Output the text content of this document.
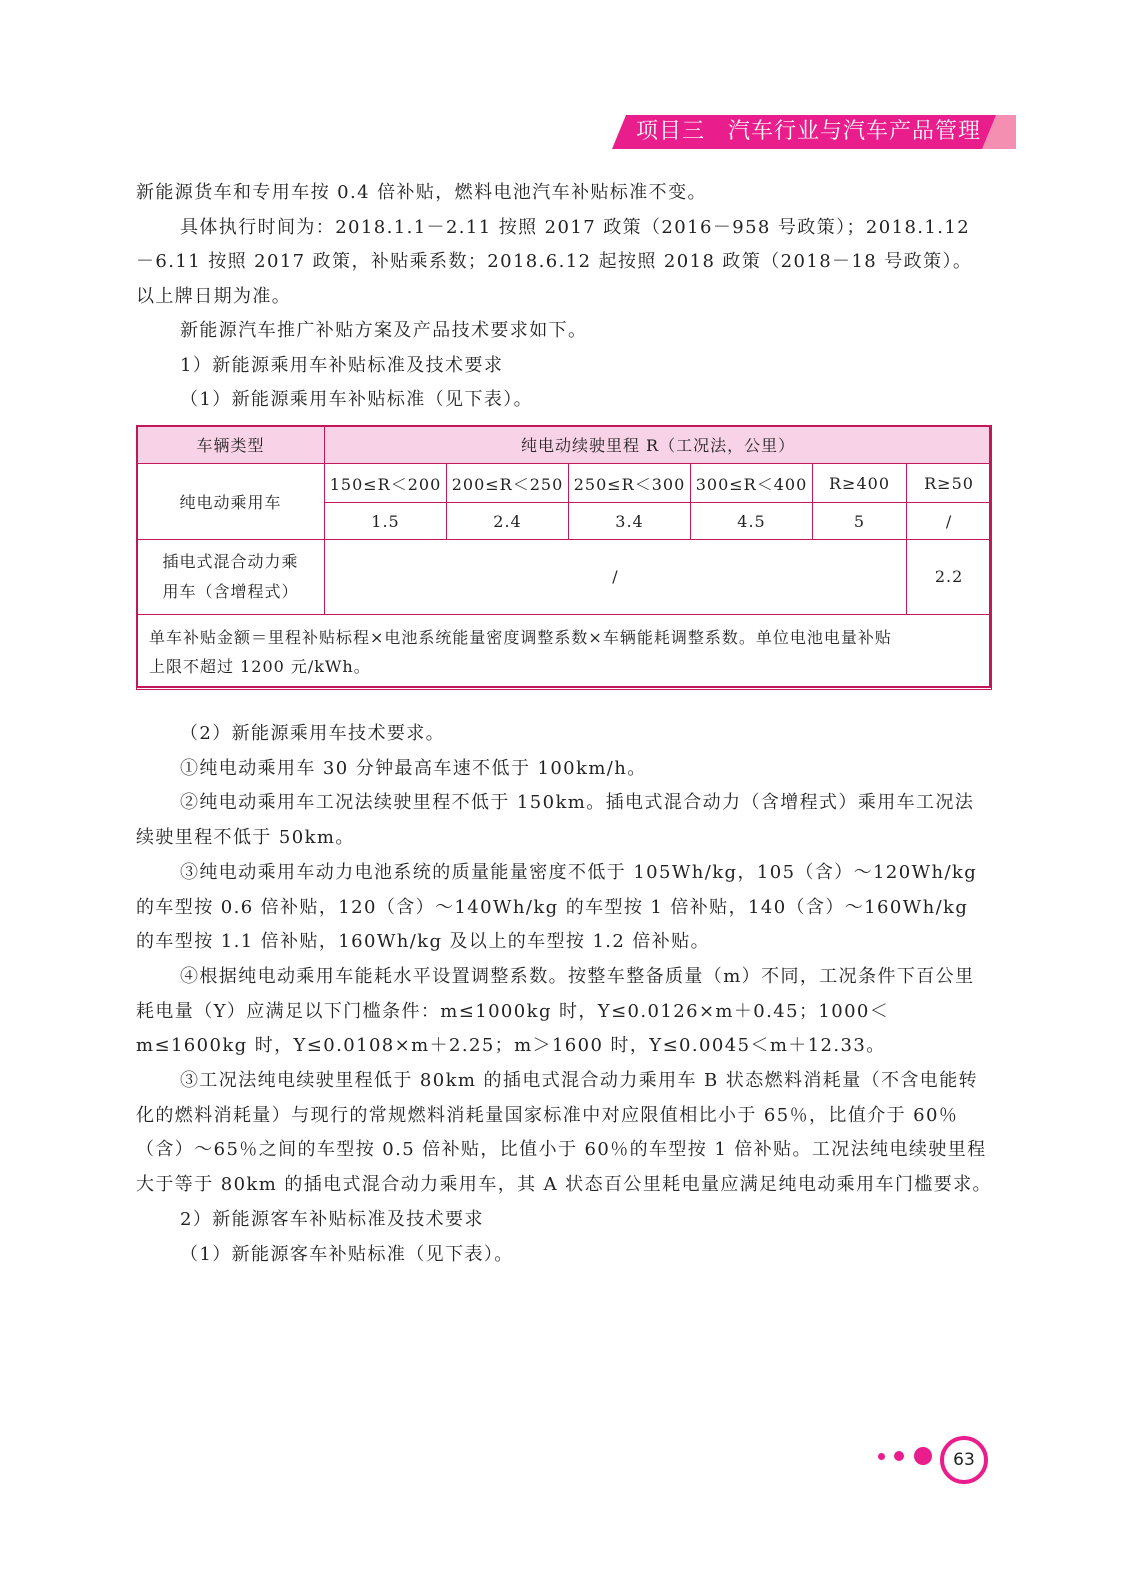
项目三　汽车行业与汽车产品管理
新能源货车和专用车按 0.4 倍补贴，燃料电池汽车补贴标准不变。
具体执行时间为：2018.1.1－2.11 按照 2017 政策（2016－958 号政策）；2018.1.12
－6.11 按照 2017 政策，补贴乘系数；2018.6.12 起按照 2018 政策（2018－18 号政策）。
以上牌日期为准。
新能源汽车推广补贴方案及产品技术要求如下。
1）新能源乘用车补贴标准及技术要求
（1）新能源乘用车补贴标准（见下表）。
车辆类型	纯电动续驶里程 R（工况法，公里）					
纯电动乘用车	150≤R＜200	200≤R＜250	250≤R＜300	300≤R＜400	R≥400	R≥50
	1.5	2.4	3.4	4.5	5	/

插电式混合动力乘
用车（含增程式）	/					2.2

单车补贴金额＝里程补贴标程×电池系统能量密度调整系数×车辆能耗调整系数。单位电池电量补贴
上限不超过 1200 元/kWh。						
（2）新能源乘用车技术要求。
①纯电动乘用车 30 分钟最高车速不低于 100km/h。
②纯电动乘用车工况法续驶里程不低于 150km。插电式混合动力（含增程式）乘用车工况法续驶里程不低于 50km。
③纯电动乘用车动力电池系统的质量能量密度不低于 105Wh/kg，105（含）～120Wh/kg 的车型按 0.6 倍补贴，120（含）～140Wh/kg 的车型按 1 倍补贴，140（含）～160Wh/kg 的车型按 1.1 倍补贴，160Wh/kg 及以上的车型按 1.2 倍补贴。
④根据纯电动乘用车能耗水平设置调整系数。按整车整备质量（m）不同，工况条件下百公里耗电量（Y）应满足以下门槛条件：m≤1000kg 时，Y≤0.0126×m＋0.45；1000＜m≤1600kg 时，Y≤0.0108×m＋2.25；m＞1600 时，Y≤0.0045＜m＋12.33。
③工况法纯电续驶里程低于 80km 的插电式混合动力乘用车 B 状态燃料消耗量（不含电能转化的燃料消耗量）与现行的常规燃料消耗量国家标准中对应限值相比小于 65％，比值介于 60％（含）～65％之间的车型按 0.5 倍补贴，比值小于 60％的车型按 1 倍补贴。工况法纯电续驶里程大于等于 80km 的插电式混合动力乘用车，其 A 状态百公里耗电量应满足纯电动乘用车门槛要求。
2）新能源客车补贴标准及技术要求
（1）新能源客车补贴标准（见下表）。
63
